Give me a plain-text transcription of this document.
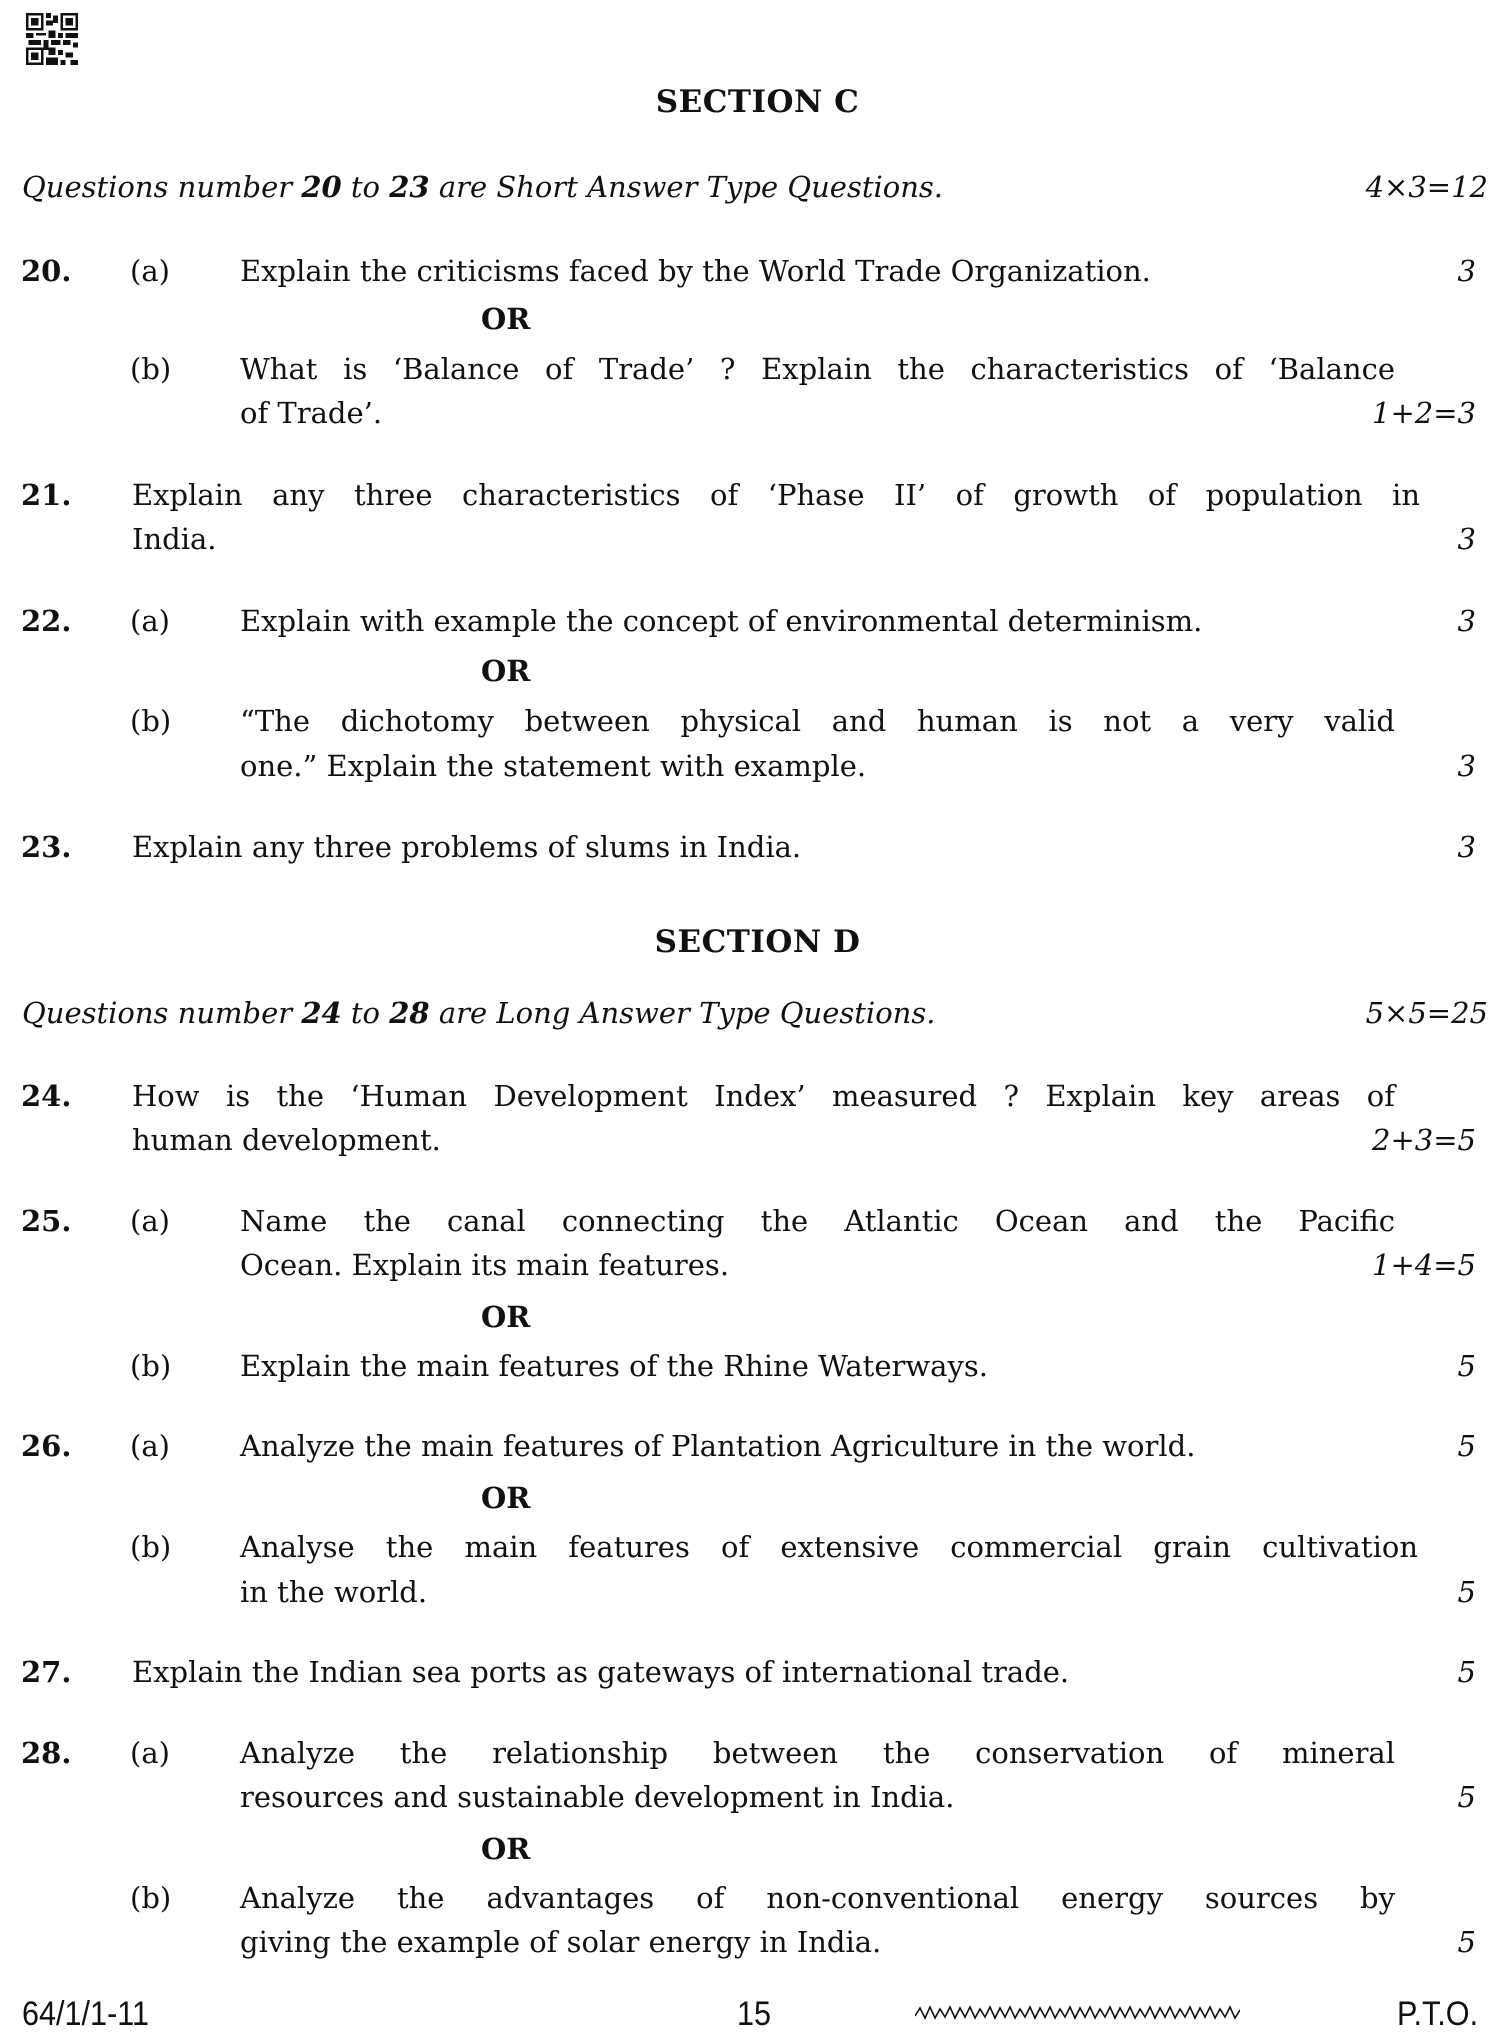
SECTION C
Questions number 20 to 23 are Short Answer Type Questions.	4×3=12
20. (a) Explain the criticisms faced by the World Trade Organization.	3
OR
(b) What is ‘Balance of Trade’ ? Explain the characteristics of ‘Balance
of Trade’.	1+2=3
21. Explain any three characteristics of ‘Phase II’ of growth of population in
India.	3
22. (a) Explain with example the concept of environmental determinism.	3
OR
(b) “The dichotomy between physical and human is not a very valid
one.” Explain the statement with example.	3
23. Explain any three problems of slums in India.	3
SECTION D
Questions number 24 to 28 are Long Answer Type Questions.	5×5=25
24. How is the ‘Human Development Index’ measured ? Explain key areas of
human development.	2+3=5
25. (a) Name the canal connecting the Atlantic Ocean and the Pacific
Ocean. Explain its main features.	1+4=5
OR
(b) Explain the main features of the Rhine Waterways.	5
26. (a) Analyze the main features of Plantation Agriculture in the world.	5
OR
(b) Analyse the main features of extensive commercial grain cultivation
in the world.	5
27. Explain the Indian sea ports as gateways of international trade.	5
28. (a) Analyze the relationship between the conservation of mineral
resources and sustainable development in India.	5
OR
(b) Analyze the advantages of non-conventional energy sources by
giving the example of solar energy in India.	5
64/1/1-11	15	P.T.O.
